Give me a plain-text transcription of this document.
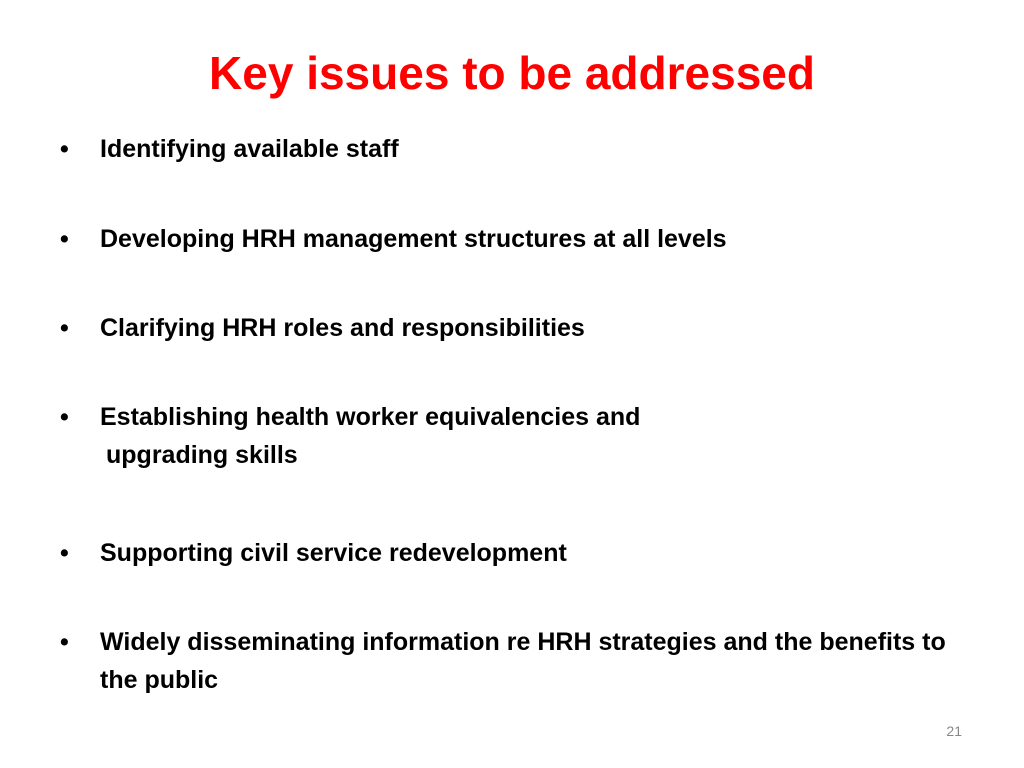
Key issues to be addressed
•	Identifying available staff
•	Developing HRH management structures at all levels
•	Clarifying HRH roles and responsibilities
•	Establishing health worker equivalencies and
upgrading skills
•	Supporting civil service redevelopment
•	Widely disseminating information re HRH strategies and the benefits to the public
21
